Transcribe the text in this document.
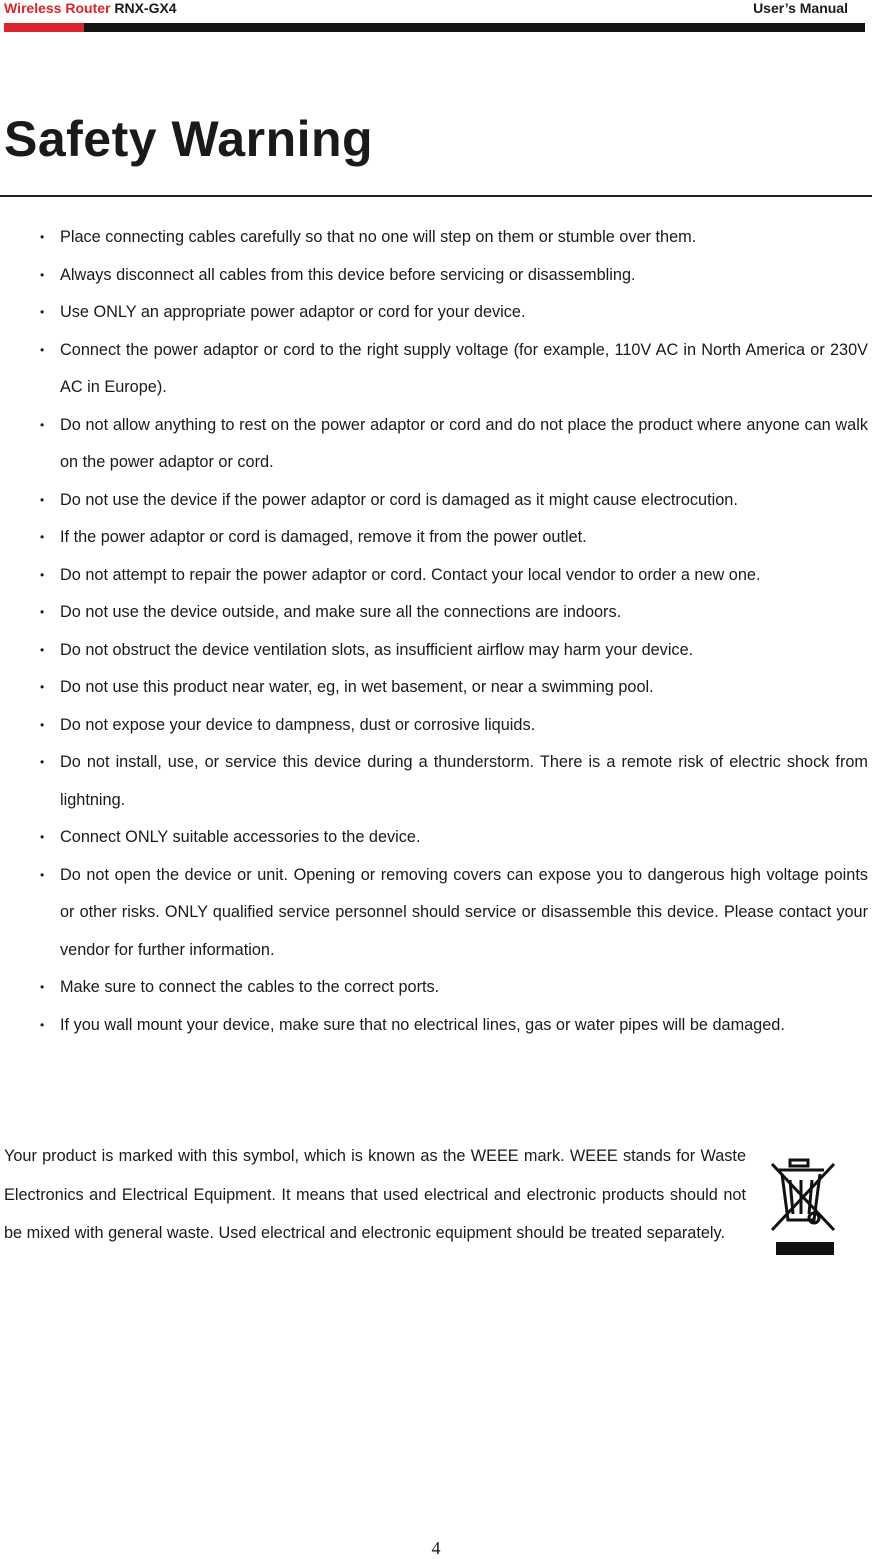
Wireless Router RNX-GX4	User’s Manual
Safety Warning
• Place connecting cables carefully so that no one will step on them or stumble over them.
• Always disconnect all cables from this device before servicing or disassembling.
• Use ONLY an appropriate power adaptor or cord for your device.
• Connect the power adaptor or cord to the right supply voltage (for example, 110V AC in North America or 230V AC in Europe).
• Do not allow anything to rest on the power adaptor or cord and do not place the product where anyone can walk on the power adaptor or cord.
• Do not use the device if the power adaptor or cord is damaged as it might cause electrocution.
• If the power adaptor or cord is damaged, remove it from the power outlet.
• Do not attempt to repair the power adaptor or cord. Contact your local vendor to order a new one.
• Do not use the device outside, and make sure all the connections are indoors.
• Do not obstruct the device ventilation slots, as insufficient airflow may harm your device.
• Do not use this product near water, eg, in wet basement, or near a swimming pool.
• Do not expose your device to dampness, dust or corrosive liquids.
• Do not install, use, or service this device during a thunderstorm. There is a remote risk of electric shock from lightning.
• Connect ONLY suitable accessories to the device.
• Do not open the device or unit. Opening or removing covers can expose you to dangerous high voltage points or other risks. ONLY qualified service personnel should service or disassemble this device. Please contact your vendor for further information.
• Make sure to connect the cables to the correct ports.
• If you wall mount your device, make sure that no electrical lines, gas or water pipes will be damaged.

Your product is marked with this symbol, which is known as the WEEE mark. WEEE stands for Waste Electronics and Electrical Equipment. It means that used electrical and electronic products should not be mixed with general waste. Used electrical and electronic equipment should be treated separately.

4
